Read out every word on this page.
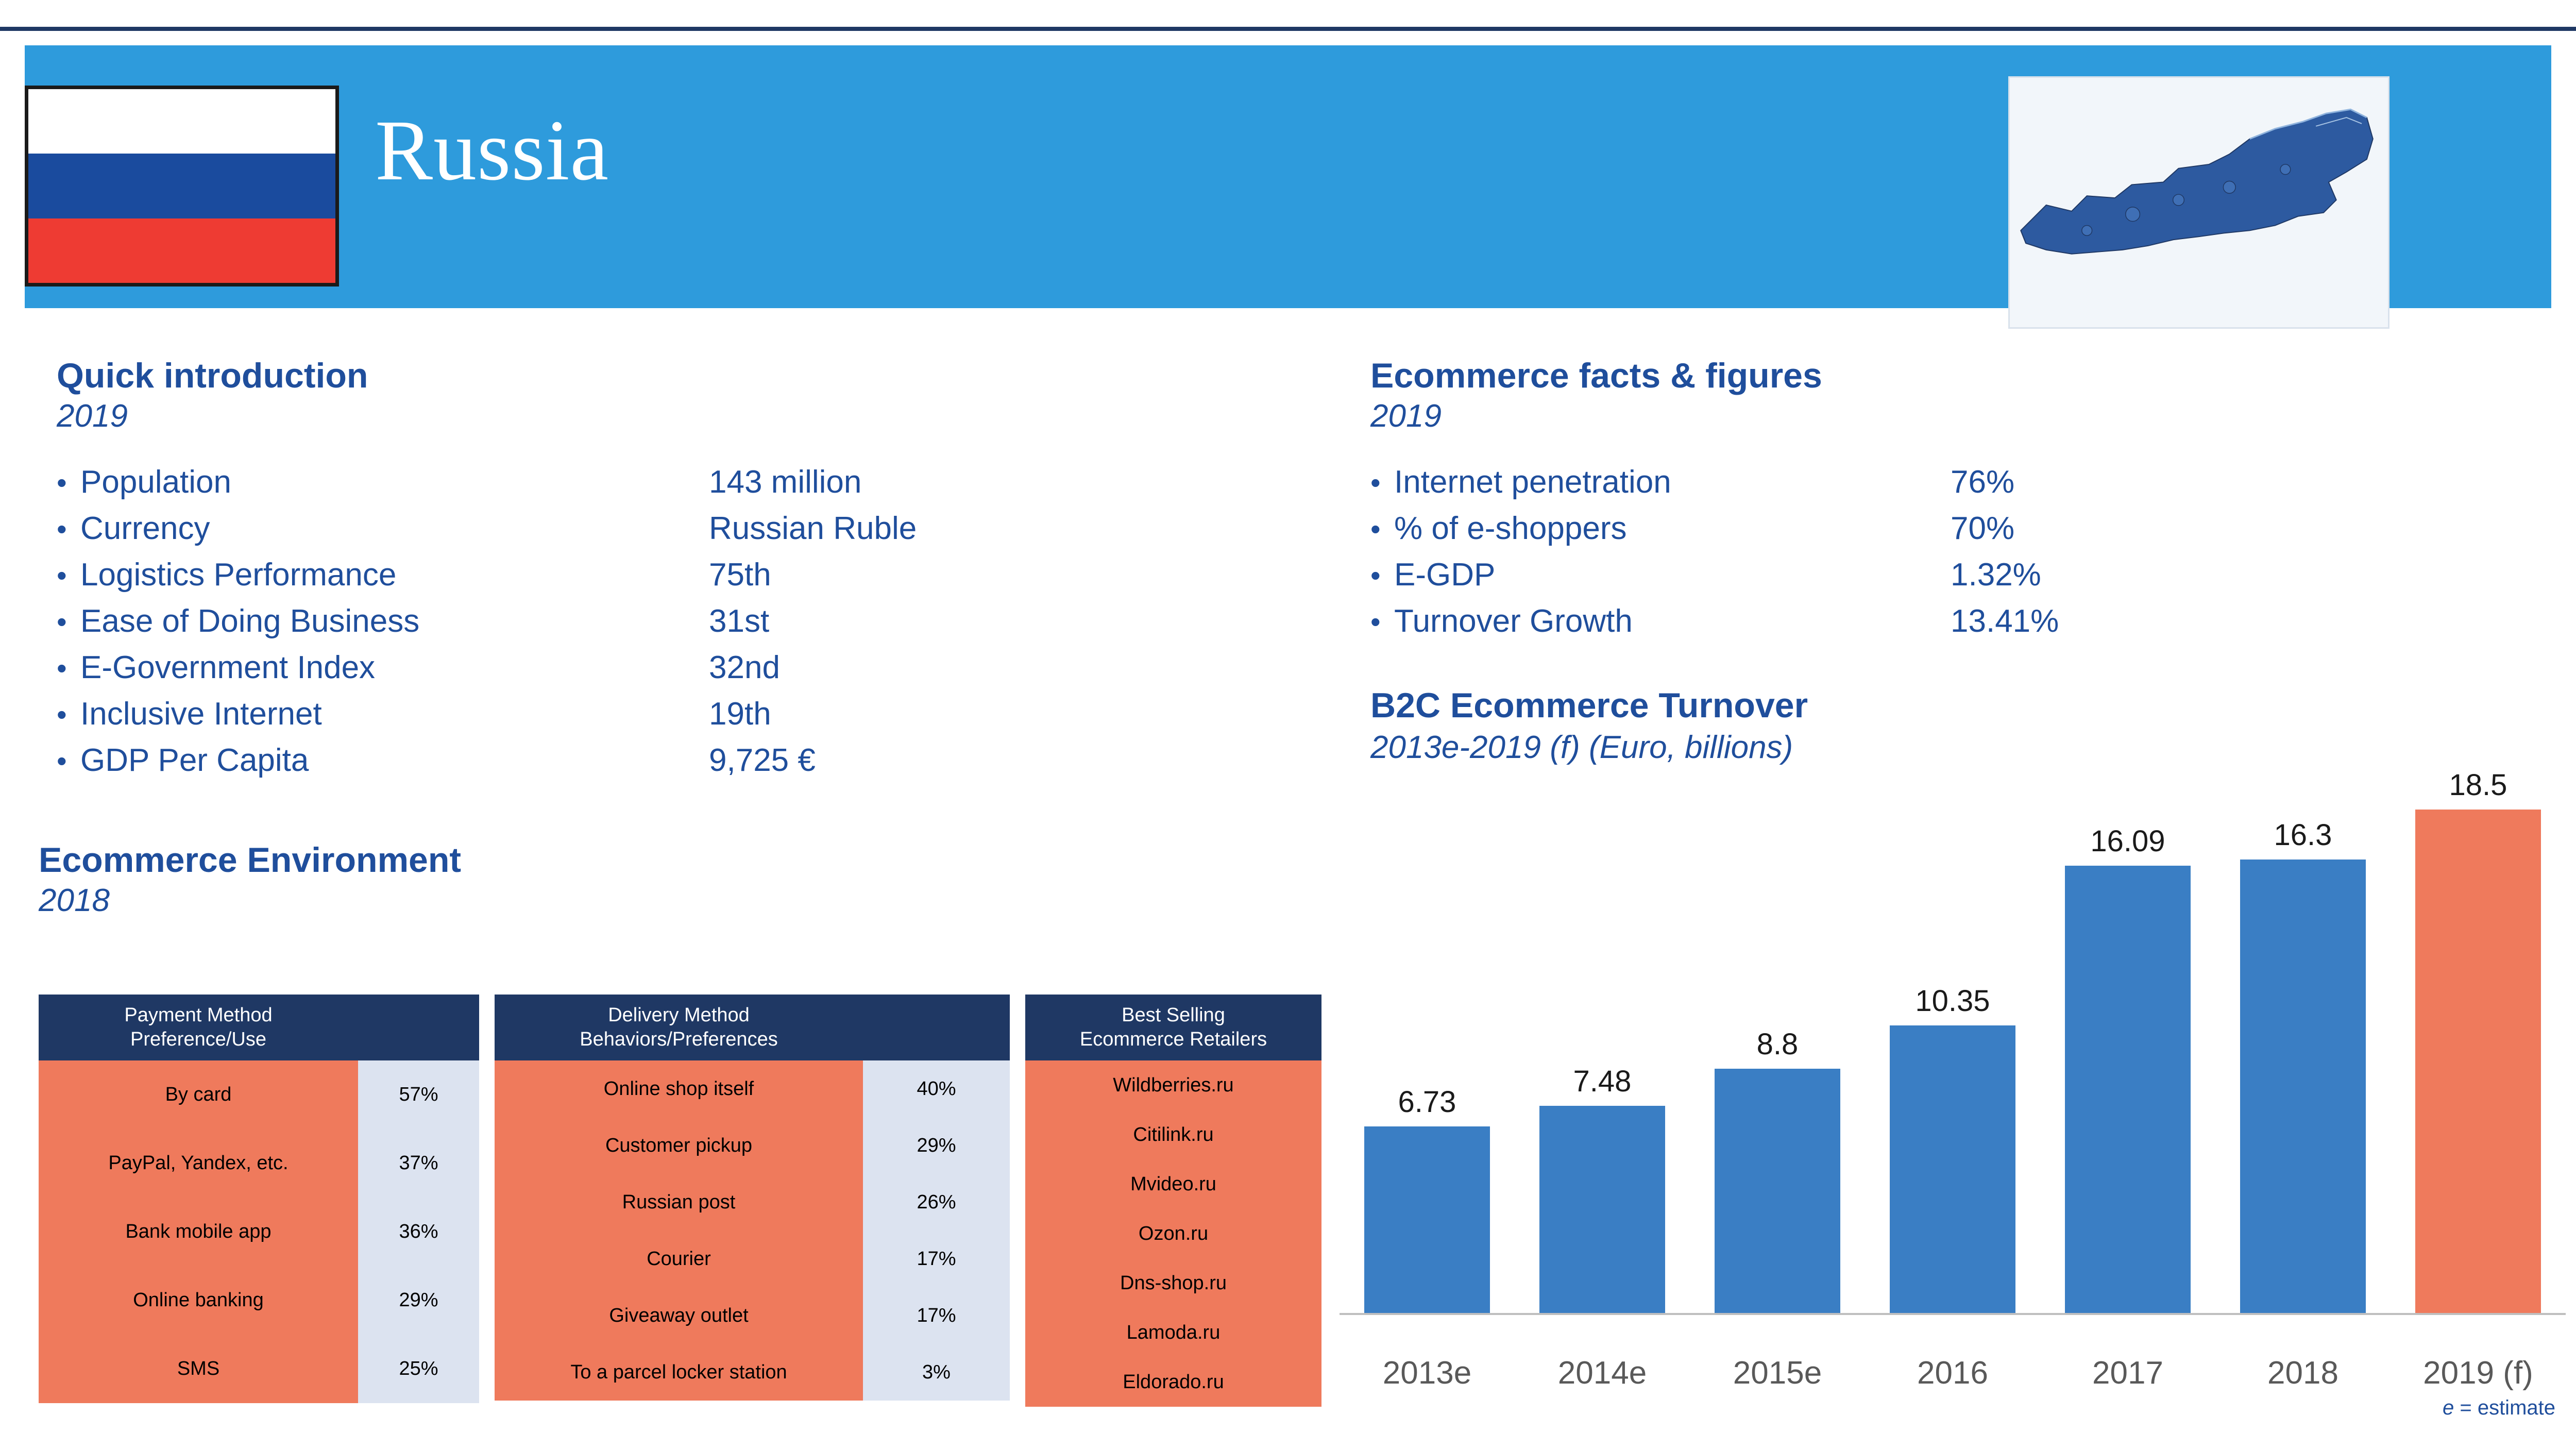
Russia
Quick introduction
2019
• Population	143 million
• Currency	Russian Ruble
• Logistics Performance	75th
• Ease of Doing Business	31st
• E-Government Index	32nd
• Inclusive Internet	19th
• GDP Per Capita	9,725 €
Ecommerce facts & figures
2019
• Internet penetration	76%
• % of e-shoppers	70%
• E-GDP	1.32%
• Turnover Growth	13.41%
B2C Ecommerce Turnover
2013e-2019 (f) (Euro, billions)
Ecommerce Environment
2018
Payment Method
Preference/Use
By card	57%
PayPal, Yandex, etc.	37%
Bank mobile app	36%
Online banking	29%
SMS	25%
Delivery Method
Behaviors/Preferences
Online shop itself	40%
Customer pickup	29%
Russian post	26%
Courier	17%
Giveaway outlet	17%
To a parcel locker station	3%
Best Selling
Ecommerce Retailers
Wildberries.ru
Citilink.ru
Mvideo.ru
Ozon.ru
Dns-shop.ru
Lamoda.ru
Eldorado.ru
6.73
7.48
8.8
10.35
16.09	16.3
18.5
2013e	2014e	2015e	2016	2017	2018	2019 (f)
e = estimate
